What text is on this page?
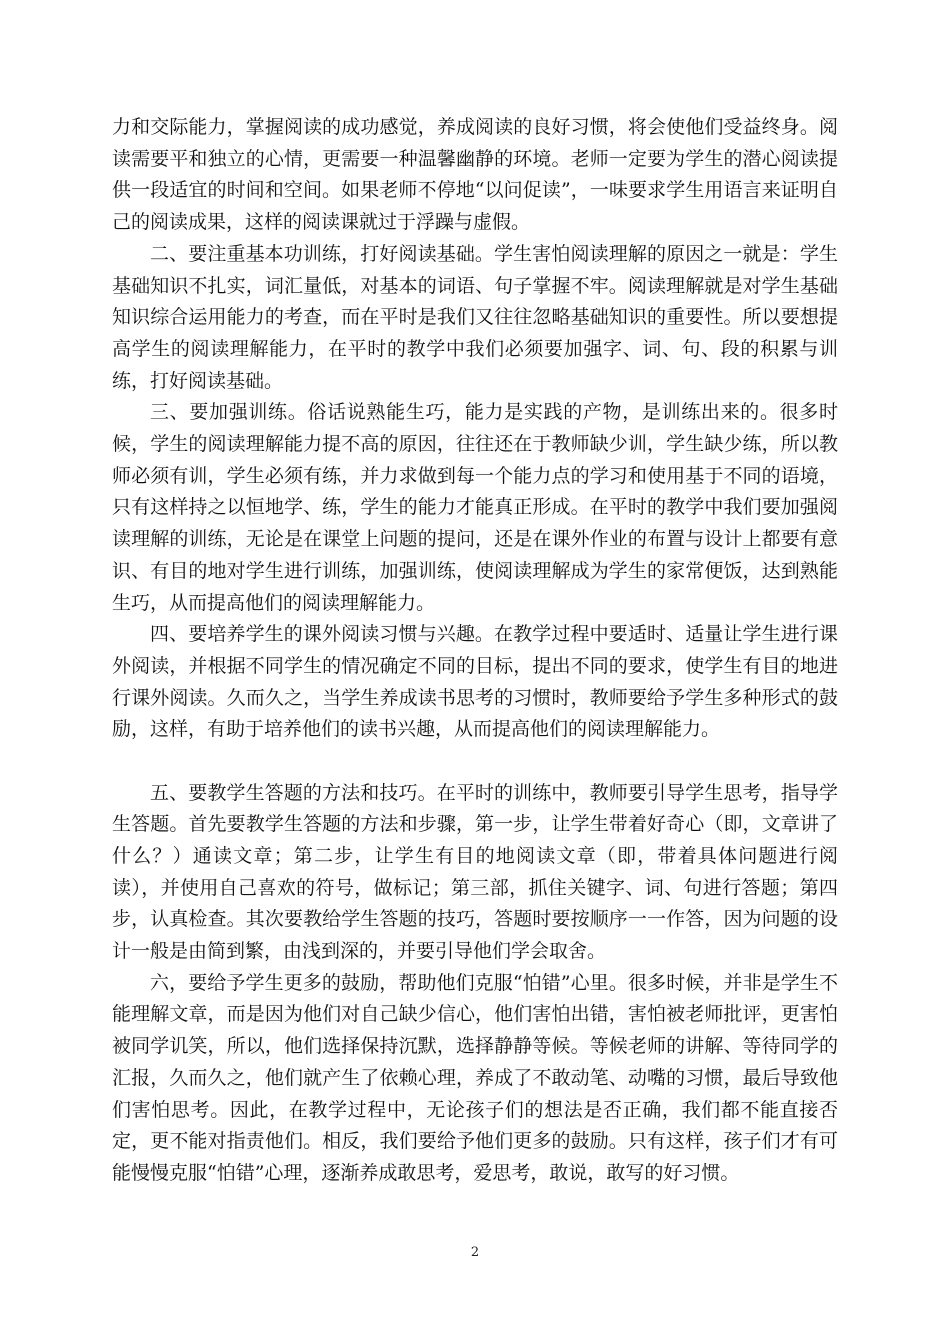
力和交际能力，掌握阅读的成功感觉，养成阅读的良好习惯，将会使他们受益终身。阅读需要平和独立的心情，更需要一种温馨幽静的环境。老师一定要为学生的潜心阅读提供一段适宜的时间和空间。如果老师不停地“以问促读”，一味要求学生用语言来证明自己的阅读成果，这样的阅读课就过于浮躁与虚假。

二、要注重基本功训练，打好阅读基础。学生害怕阅读理解的原因之一就是：学生基础知识不扎实，词汇量低，对基本的词语、句子掌握不牢。阅读理解就是对学生基础知识综合运用能力的考查，而在平时是我们又往往忽略基础知识的重要性。所以要想提高学生的阅读理解能力，在平时的教学中我们必须要加强字、词、句、段的积累与训练，打好阅读基础。

三、要加强训练。俗话说熟能生巧，能力是实践的产物，是训练出来的。很多时候，学生的阅读理解能力提不高的原因，往往还在于教师缺少训，学生缺少练，所以教师必须有训，学生必须有练，并力求做到每一个能力点的学习和使用基于不同的语境，只有这样持之以恒地学、练，学生的能力才能真正形成。在平时的教学中我们要加强阅读理解的训练，无论是在课堂上问题的提问，还是在课外作业的布置与设计上都要有意识、有目的地对学生进行训练，加强训练，使阅读理解成为学生的家常便饭，达到熟能生巧，从而提高他们的阅读理解能力。

四、要培养学生的课外阅读习惯与兴趣。在教学过程中要适时、适量让学生进行课外阅读，并根据不同学生的情况确定不同的目标，提出不同的要求，使学生有目的地进行课外阅读。久而久之，当学生养成读书思考的习惯时，教师要给予学生多种形式的鼓励，这样，有助于培养他们的读书兴趣，从而提高他们的阅读理解能力。

五、要教学生答题的方法和技巧。在平时的训练中，教师要引导学生思考，指导学生答题。首先要教学生答题的方法和步骤，第一步，让学生带着好奇心（即，文章讲了什么？）通读文章；第二步，让学生有目的地阅读文章（即，带着具体问题进行阅读），并使用自己喜欢的符号，做标记；第三部，抓住关键字、词、句进行答题；第四步，认真检查。其次要教给学生答题的技巧，答题时要按顺序一一作答，因为问题的设计一般是由简到繁，由浅到深的，并要引导他们学会取舍。

六，要给予学生更多的鼓励，帮助他们克服“怕错”心里。很多时候，并非是学生不能理解文章，而是因为他们对自己缺少信心，他们害怕出错，害怕被老师批评，更害怕被同学讥笑，所以，他们选择保持沉默，选择静静等候。等候老师的讲解、等待同学的汇报，久而久之，他们就产生了依赖心理，养成了不敢动笔、动嘴的习惯，最后导致他们害怕思考。因此，在教学过程中，无论孩子们的想法是否正确，我们都不能直接否定，更不能对指责他们。相反，我们要给予他们更多的鼓励。只有这样，孩子们才有可能慢慢克服“怕错”心理，逐渐养成敢思考，爱思考，敢说，敢写的好习惯。

2
